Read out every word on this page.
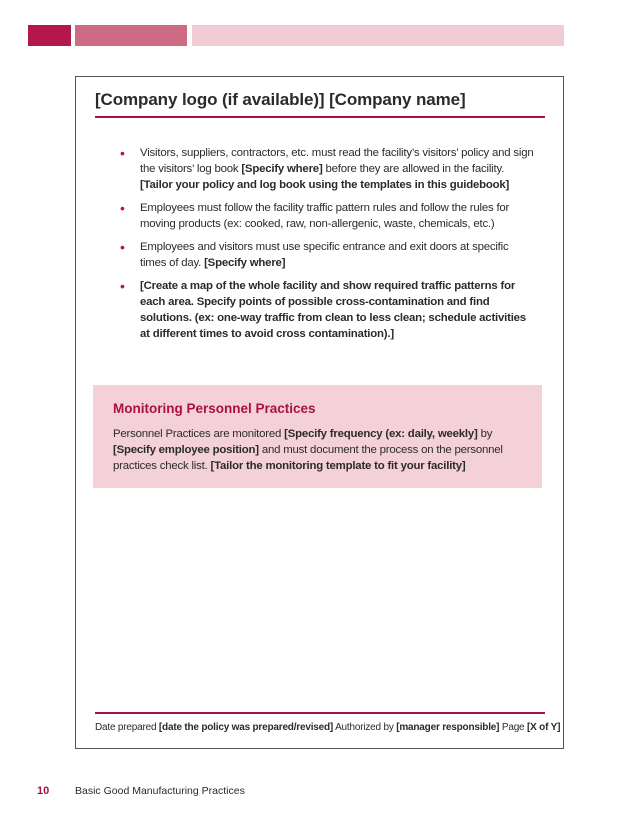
[Company logo (if available)] [Company name]
• Visitors, suppliers, contractors, etc. must read the facility’s visitors’ policy and sign the visitors’ log book [Specify where] before they are allowed in the facility. [Tailor your policy and log book using the templates in this guidebook]
• Employees must follow the facility traffic pattern rules and follow the rules for moving products (ex: cooked, raw, non-allergenic, waste, chemicals, etc.)
• Employees and visitors must use specific entrance and exit doors at specific times of day. [Specify where]
• [Create a map of the whole facility and show required traffic patterns for each area. Specify points of possible cross-contamination and find solutions. (ex: one-way traffic from clean to less clean; schedule activities at different times to avoid cross contamination).]
Monitoring Personnel Practices
Personnel Practices are monitored [Specify frequency (ex: daily, weekly] by [Specify employee position] and must document the process on the personnel practices check list. [Tailor the monitoring template to fit your facility]
Date prepared [date the policy was prepared/revised] Authorized by [manager responsible] Page [X of Y]
10 Basic Good Manufacturing Practices
